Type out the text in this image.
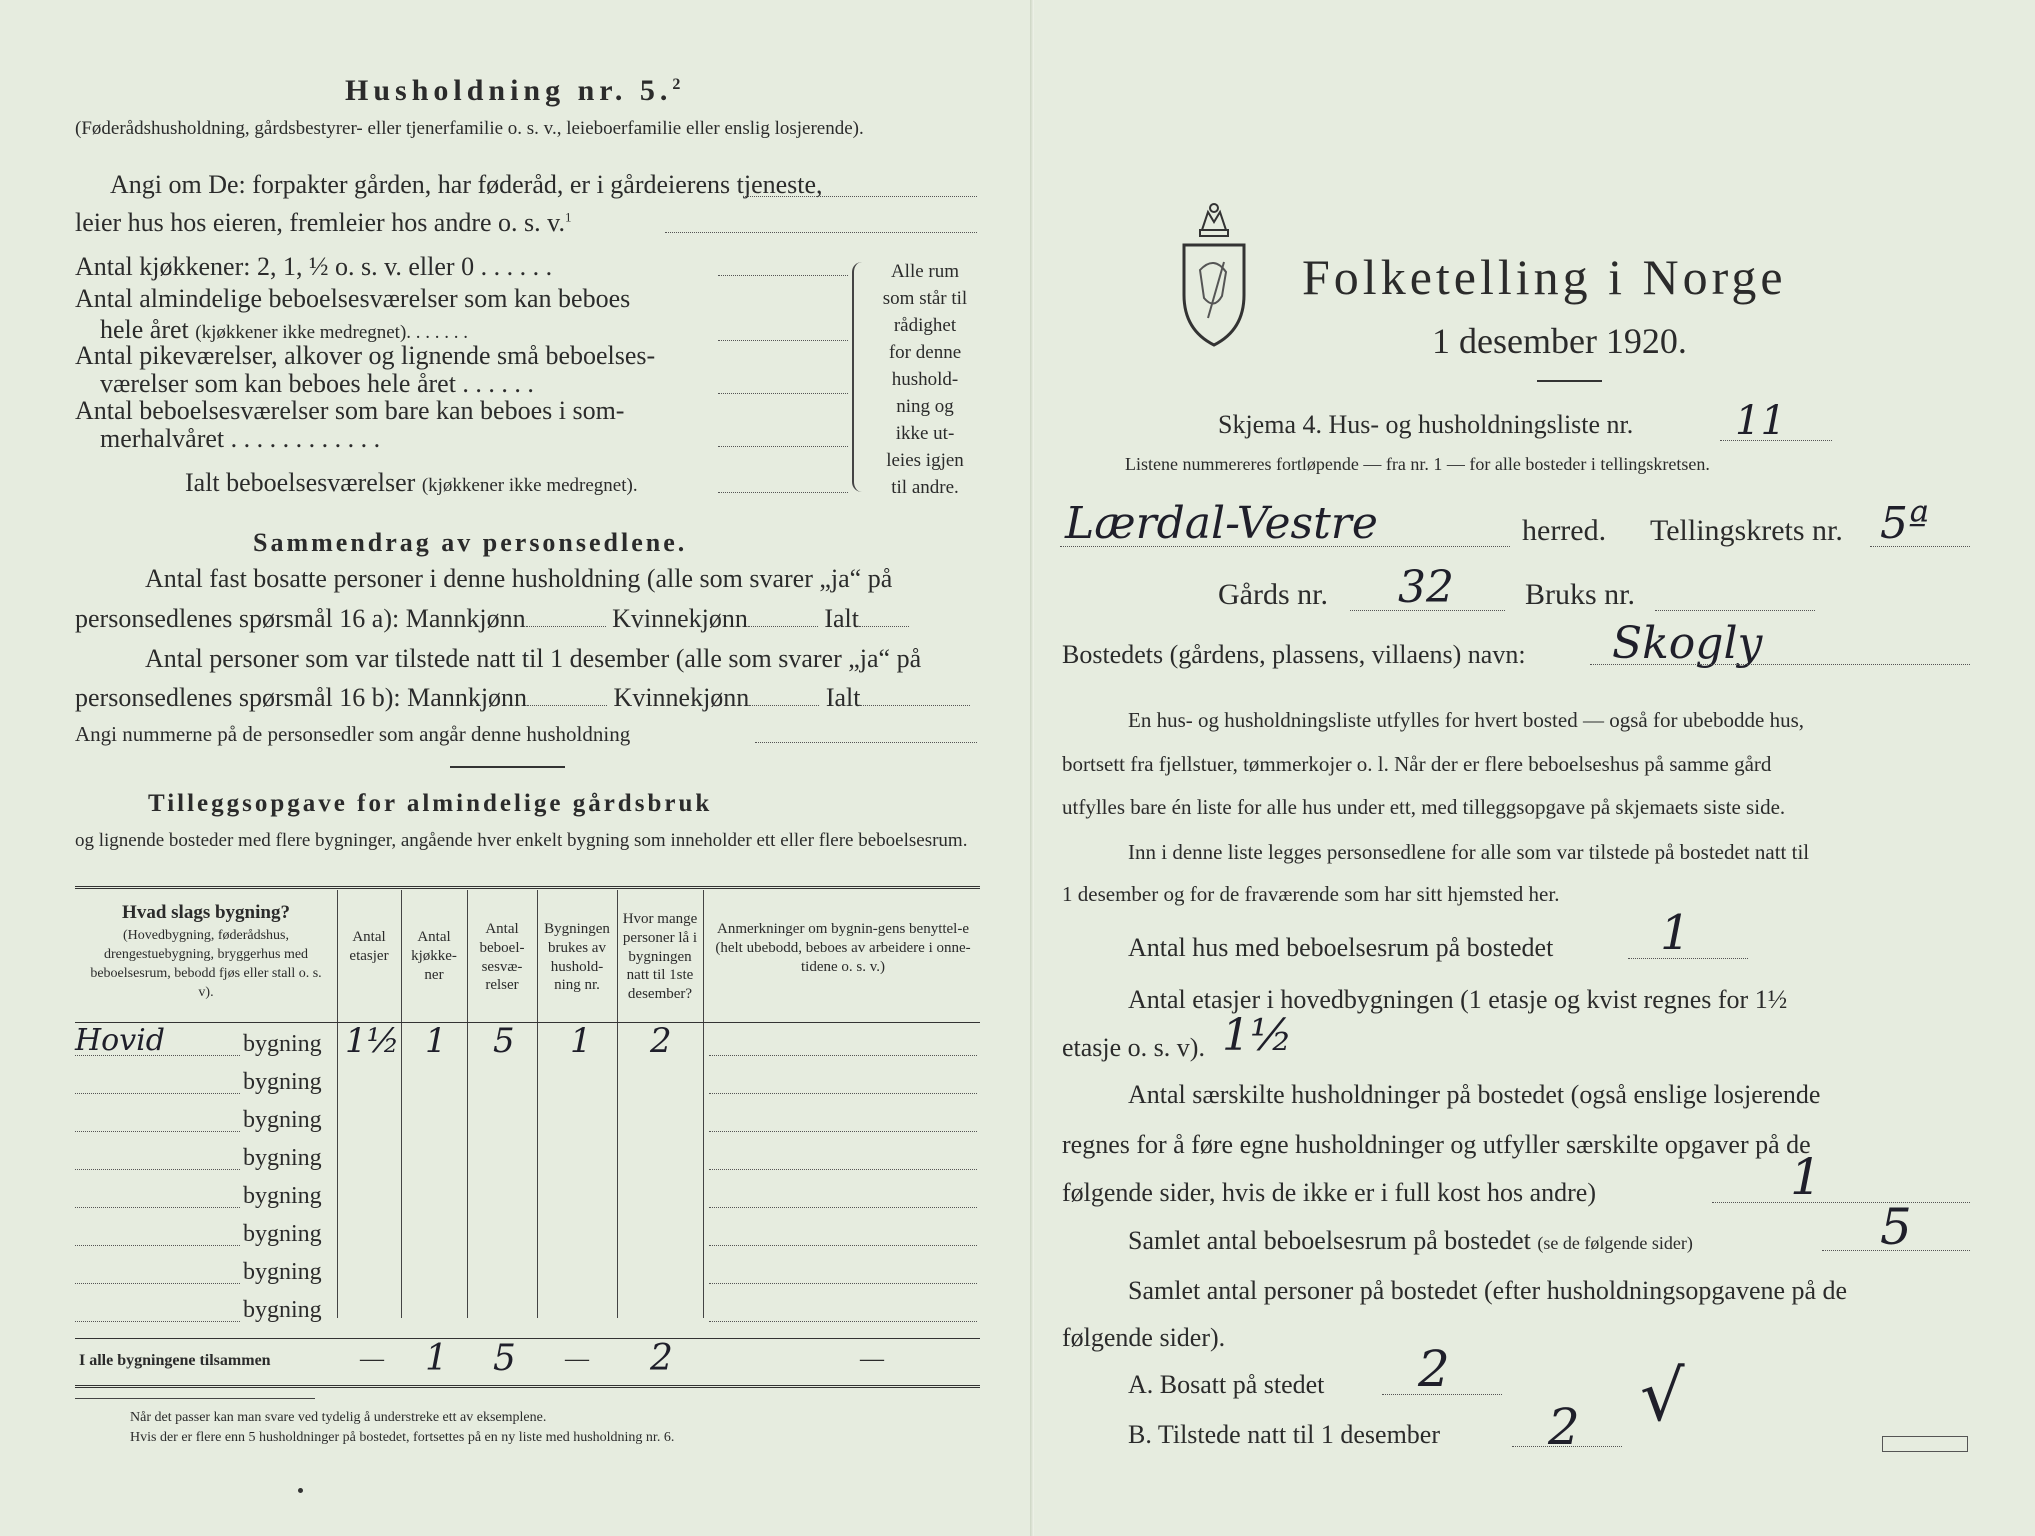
Husholdning nr. 5.$^2$
(Føderådshusholdning, gårdsbestyrer- eller tjenerfamilie o. s. v., leieboerfamilie eller enslig losjerende).
Angi om De: forpakter gården, har føderåd, er i gårdeierens tjeneste,
leier hus hos eieren, fremleier hos andre o. s. v.$^1$
Antal kjøkkener: 2, 1, ½ o. s. v. eller 0 . . . . . .
Antal almindelige beboelsesværelser som kan beboes
hele året (kjøkkener ikke medregnet). . . . . . .
Antal pikeværelser, alkover og lignende små beboelses-
værelser som kan beboes hele året . . . . . .
Antal beboelsesværelser som bare kan beboes i som-
merhalvåret . . . . . . . . . . . .
Ialt beboelsesværelser (kjøkkener ikke medregnet).
Alle rum
som står til
rådighet
for denne
hushold-
ning og
ikke ut-
leies igjen
til andre.
Sammendrag av personsedlene.
Antal fast bosatte personer i denne husholdning (alle som svarer „ja“ på
personsedlenes spørsmål 16 a): Mannkjønn	Kvinnekjønn	Ialt
Antal personer som var tilstede natt til 1 desember (alle som svarer „ja“ på
personsedlenes spørsmål 16 b): Mannkjønn	Kvinnekjønn	Ialt
Angi nummerne på de personsedler som angår denne husholdning
Tilleggsopgave for almindelige gårdsbruk
og lignende bosteder med flere bygninger, angående hver enkelt bygning som inneholder ett eller flere beboelsesrum.
Hvad slags bygning?
(Hovedbygning, føderådshus, drengestuebygning, bryggerhus med beboelsesrum, bebodd fjøs eller stall o. s. v).
Antal etasjer
Antal kjøkke-ner
Antal beboel-sesvæ-relser
Bygningen brukes av hushold-ning nr.
Hvor mange personer lå i bygningen natt til 1ste desember?
Anmerkninger om bygnin-gens benyttel-e (helt ubebodd, beboes av arbeidere i onne-tidene o. s. v.)
Hovid	bygning 1½ 1 5 1 2
bygning
bygning
bygning
bygning
bygning
bygning
bygning
I alle bygningene tilsammen	— 1 5 — 2	—
Når det passer kan man svare ved tydelig å understreke ett av eksemplene.
Hvis der er flere enn 5 husholdninger på bostedet, fortsettes på en ny liste med husholdning nr. 6.
Folketelling i Norge
1 desember 1920.
Skjema 4. Hus- og husholdningsliste nr.	11
Listene nummereres fortløpende — fra nr. 1 — for alle bosteder i tellingskretsen.
Lærdal-Vestre	herred. Tellingskrets nr. 5ª
Gårds nr. 32 Bruks nr.
Bostedets (gårdens, plassens, villaens) navn: Skogly
En hus- og husholdningsliste utfylles for hvert bosted — også for ubebodde hus,
bortsett fra fjellstuer, tømmerkojer o. l. Når der er flere beboelseshus på samme gård
utfylles bare én liste for alle hus under ett, med tilleggsopgave på skjemaets siste side.
Inn i denne liste legges personsedlene for alle som var tilstede på bostedet natt til
1 desember og for de fraværende som har sitt hjemsted her.
Antal hus med beboelsesrum på bostedet 1
Antal etasjer i hovedbygningen (1 etasje og kvist regnes for 1½
etasje o. s. v). 1½
Antal særskilte husholdninger på bostedet (også enslige losjerende
regnes for å føre egne husholdninger og utfyller særskilte opgaver på de
følgende sider, hvis de ikke er i full kost hos andre)	1
Samlet antal beboelsesrum på bostedet (se de følgende sider)	5
Samlet antal personer på bostedet (efter husholdningsopgavene på de
følgende sider).
A. Bosatt på stedet 2
B. Tilstede natt til 1 desember 2 √
